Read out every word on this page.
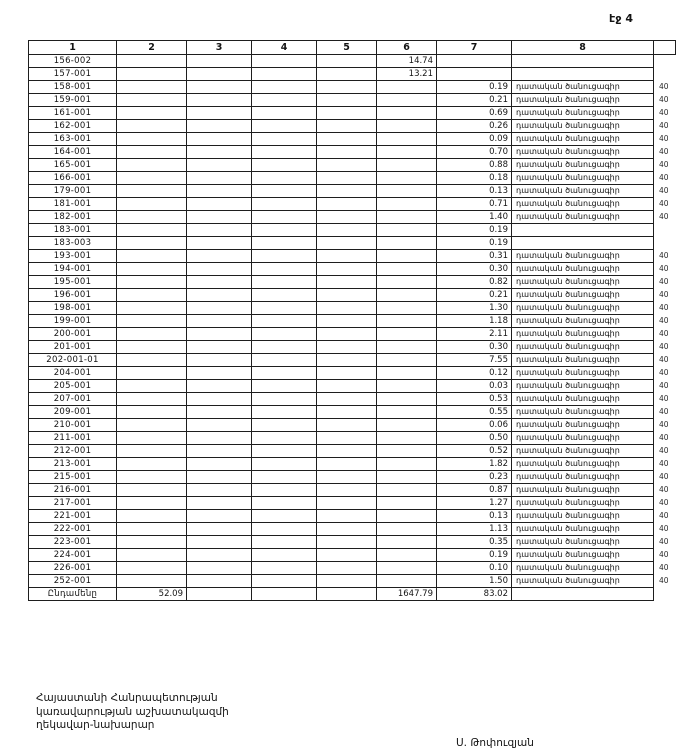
էջ 4
1	2	3	4	5	6	7	8	
156-002					14.74			
157-001					13.21			
158-001						0.19	դատական ծանուցագիր	40
159-001						0.21	դատական ծանուցագիր	40
161-001						0.69	դատական ծանուցագիր	40
162-001						0.26	դատական ծանուցագիր	40
163-001						0.09	դատական ծանուցագիր	40
164-001						0.70	դատական ծանուցագիր	40
165-001						0.88	դատական ծանուցագիր	40
166-001						0.18	դատական ծանուցագիր	40
179-001						0.13	դատական ծանուցագիր	40
181-001						0.71	դատական ծանուցագիր	40
182-001						1.40	դատական ծանուցագիր	40
183-001						0.19		
183-003						0.19		
193-001						0.31	դատական ծանուցագիր	40
194-001						0.30	դատական ծանուցագիր	40
195-001						0.82	դատական ծանուցագիր	40
196-001						0.21	դատական ծանուցագիր	40
198-001						1.30	դատական ծանուցագիր	40
199-001						1.18	դատական ծանուցագիր	40
200-001						2.11	դատական ծանուցագիր	40
201-001						0.30	դատական ծանուցագիր	40
202-001-01						7.55	դատական ծանուցագիր	40
204-001						0.12	դատական ծանուցագիր	40
205-001						0.03	դատական ծանուցագիր	40
207-001						0.53	դատական ծանուցագիր	40
209-001						0.55	դատական ծանուցագիր	40
210-001						0.06	դատական ծանուցագիր	40
211-001						0.50	դատական ծանուցագիր	40
212-001						0.52	դատական ծանուցագիր	40
213-001						1.82	դատական ծանուցագիր	40
215-001						0.23	դատական ծանուցագիր	40
216-001						0.87	դատական ծանուցագիր	40
217-001						1.27	դատական ծանուցագիր	40
221-001						0.13	դատական ծանուցագիր	40
222-001						1.13	դատական ծանուցագիր	40
223-001						0.35	դատական ծանուցագիր	40
224-001						0.19	դատական ծանուցագիր	40
226-001						0.10	դատական ծանուցագիր	40
252-001						1.50	դատական ծանուցագիր	40
Ընդամենը	52.09				1647.79	83.02		
Հայաստանի Հանրապետության
կառավարության աշխատակազմի
ղեկավար-նախարար
Ս. Թոփուզյան
